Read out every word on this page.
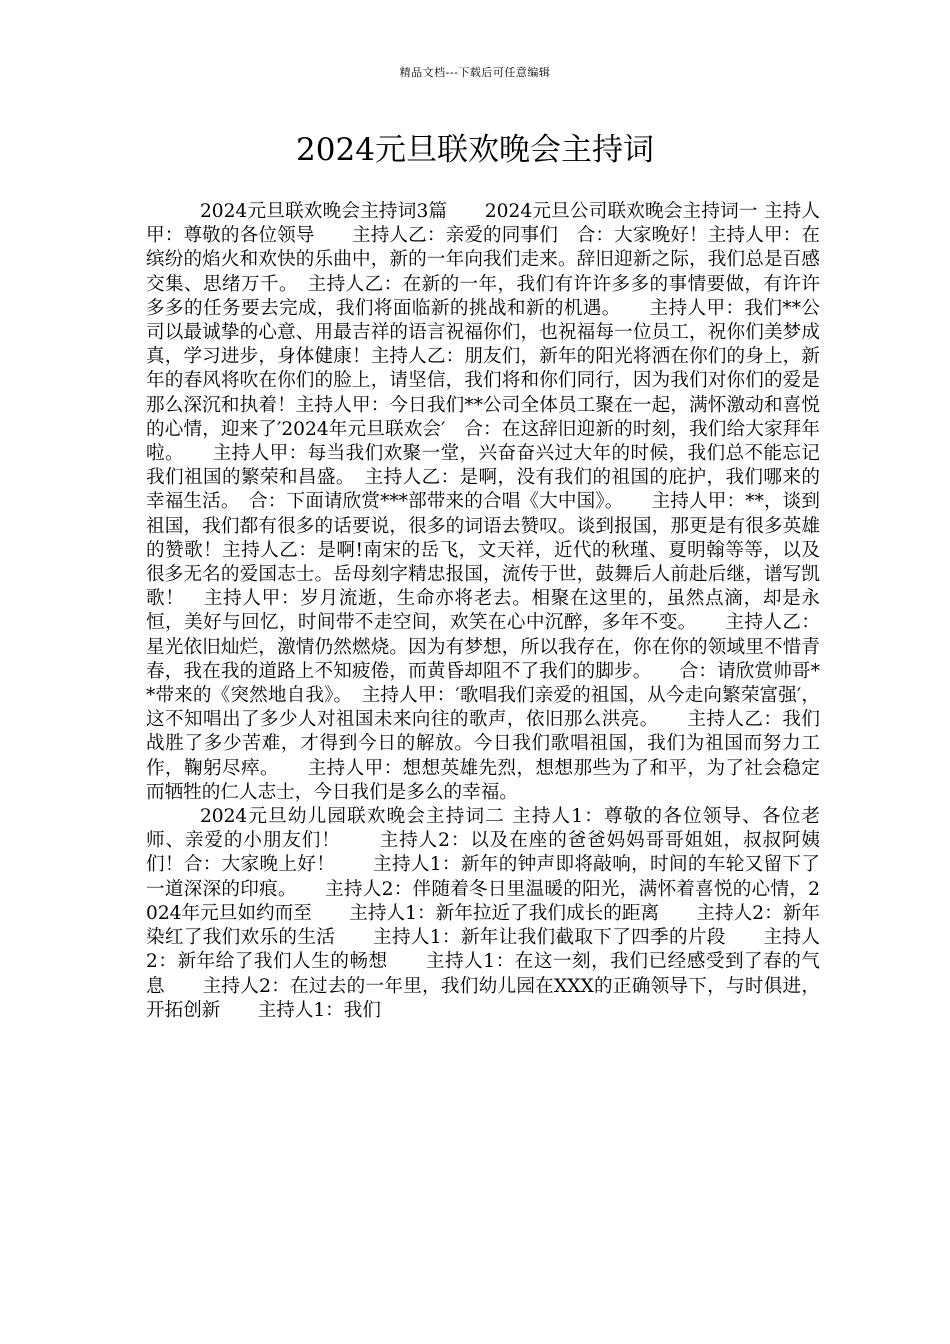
精品文档---下载后可任意编辑
2024元旦联欢晚会主持词

2024元旦联欢晚会主持词3篇　　2024元旦公司联欢晚会主持词一 主持人甲：尊敬的各位领导　　主持人乙：亲爱的同事们　合：大家晚好！主持人甲：在缤纷的焰火和欢快的乐曲中，新的一年向我们走来。辞旧迎新之际，我们总是百感交集、思绪万千。　主持人乙：在新的一年，我们有许许多多的事情要做，有许许多多的任务要去完成，我们将面临新的挑战和新的机遇。　　主持人甲：我们**公司以最诚挚的心意、用最吉祥的语言祝福你们，也祝福每一位员工，祝你们美梦成真，学习进步，身体健康！主持人乙：朋友们，新年的阳光将洒在你们的身上，新年的春风将吹在你们的脸上，请坚信，我们将和你们同行，因为我们对你们的爱是那么深沉和执着！主持人甲：今日我们**公司全体员工聚在一起，满怀激动和喜悦的心情，迎来了′2024年元旦联欢会′　合：在这辞旧迎新的时刻，我们给大家拜年啦。　　主持人甲：每当我们欢聚一堂，兴奋奋兴过大年的时候，我们总不能忘记我们祖国的繁荣和昌盛。　主持人乙：是啊，没有我们的祖国的庇护，我们哪来的幸福生活。　合：下面请欣赏***部带来的合唱《大中国》。　　主持人甲：**，谈到祖国，我们都有很多的话要说，很多的词语去赞叹。谈到报国，那更是有很多英雄的赞歌！主持人乙：是啊!南宋的岳飞，文天祥，近代的秋瑾、夏明翰等等，以及很多无名的爱国志士。岳母刻字精忠报国，流传于世，鼓舞后人前赴后继，谱写凯歌！　主持人甲：岁月流逝，生命亦将老去。相聚在这里的，虽然点滴，却是永恒，美好与回忆，时间带不走空间，欢笑在心中沉醉，多年不变。　　主持人乙：星光依旧灿烂，激情仍然燃烧。因为有梦想，所以我存在，你在你的领域里不惜青春，我在我的道路上不知疲倦，而黄昏却阻不了我们的脚步。　　合：请欣赏帅哥**带来的《突然地自我》。　主持人甲：′歌唱我们亲爱的祖国，从今走向繁荣富强′，这不知唱出了多少人对祖国未来向往的歌声，依旧那么洪亮。　　主持人乙：我们战胜了多少苦难，才得到今日的解放。今日我们歌唱祖国，我们为祖国而努力工作，鞠躬尽瘁。　　主持人甲：想想英雄先烈，想想那些为了和平，为了社会稳定而牺牲的仁人志士，今日我们是多么的幸福。

2024元旦幼儿园联欢晚会主持词二 主持人1：尊敬的各位领导、各位老师、亲爱的小朋友们！　　主持人2：以及在座的爸爸妈妈哥哥姐姐，叔叔阿姨们！合：大家晚上好！　　主持人1：新年的钟声即将敲响，时间的车轮又留下了一道深深的印痕。　　主持人2：伴随着冬日里温暖的阳光，满怀着喜悦的心情，2024年元旦如约而至　　主持人1：新年拉近了我们成长的距离　　主持人2：新年染红了我们欢乐的生活　　主持人1：新年让我们截取下了四季的片段　　主持人2：新年给了我们人生的畅想　　主持人1：在这一刻，我们已经感受到了春的气息　　主持人2：在过去的一年里，我们幼儿园在XXX的正确领导下，与时俱进，开拓创新　　主持人1：我们
